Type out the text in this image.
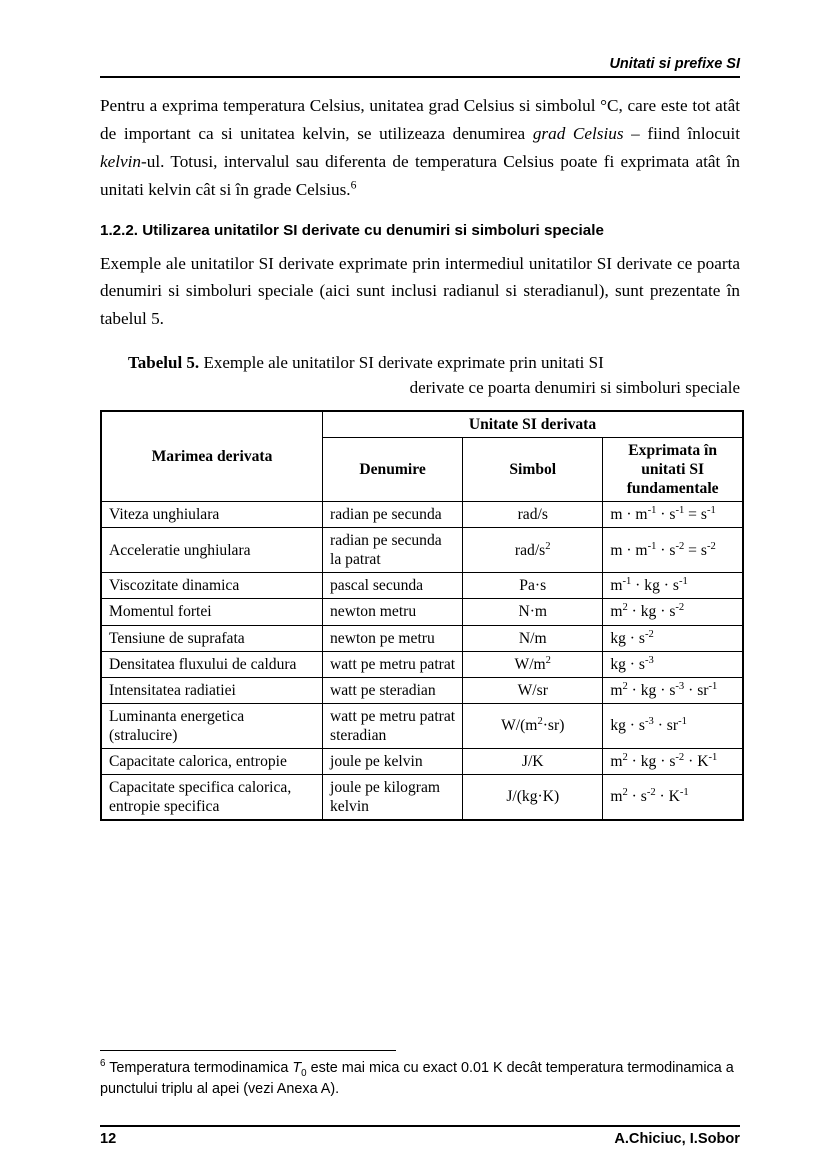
Unitati si prefixe SI

Pentru a exprima temperatura Celsius, unitatea grad Celsius si simbolul °C, care este tot atât de important ca si unitatea kelvin, se utilizeaza denumirea grad Celsius – fiind înlocuit kelvin-ul. Totusi, intervalul sau diferenta de temperatura Celsius poate fi exprimata atât în unitati kelvin cât si în grade Celsius.$^6$

1.2.2. Utilizarea unitatilor SI derivate cu denumiri si simboluri speciale

Exemple ale unitatilor SI derivate exprimate prin intermediul unitatilor SI derivate ce poarta denumiri si simboluri speciale (aici sunt inclusi radianul si steradianul), sunt prezentate în tabelul 5.

Tabelul 5. Exemple ale unitatilor SI derivate exprimate prin unitati SI
derivate ce poarta denumiri si simboluri speciale
Marimea derivata	Unitate SI derivata		
	Denumire	Simbol	Exprimata în unitati SI fundamentale
Viteza unghiulara	radian pe secunda	rad/s	$m \cdot m^{-1} \cdot s^{-1} = s^{-1}$
Acceleratie unghiulara	radian pe secunda la patrat	rad/$s^2$	$m \cdot m^{-1} \cdot s^{-2} = s^{-2}$
Viscozitate dinamica	pascal secunda	Pa·s	$m^{-1}$ · kg · $s^{-1}$
Momentul fortei	newton metru	N·m	$m^2$ · kg · $s^{-2}$
Tensiune de suprafata	newton pe metru	N/m	kg · $s^{-2}$
Densitatea fluxului de caldura	watt pe metru patrat	$W/m^2$	kg · $s^{-3}$
Intensitatea radiatiei	watt pe steradian	W/sr	$m^2$ · kg · $s^{-3} \cdot sr^{-1}$
Luminanta energetica (stralucire)	watt pe metru patrat steradian	$W/(m^2\cdot sr)$	kg · $s^{-3} \cdot sr^{-1}$
Capacitate calorica, entropie	joule pe kelvin	J/K	$m^2$ · kg · $s^{-2} \cdot K^{-1}$
Capacitate specifica calorica, entropie specifica	joule pe kilogram kelvin	J/(kg·K)	$m^2 \cdot s^{-2} \cdot K^{-1}$
$^6$ Temperatura termodinamica $T_0$ este mai mica cu exact 0.01 K decât temperatura termodinamica a punctului triplu al apei (vezi Anexa A).
12	A.Chiciuc, I.Sobor
